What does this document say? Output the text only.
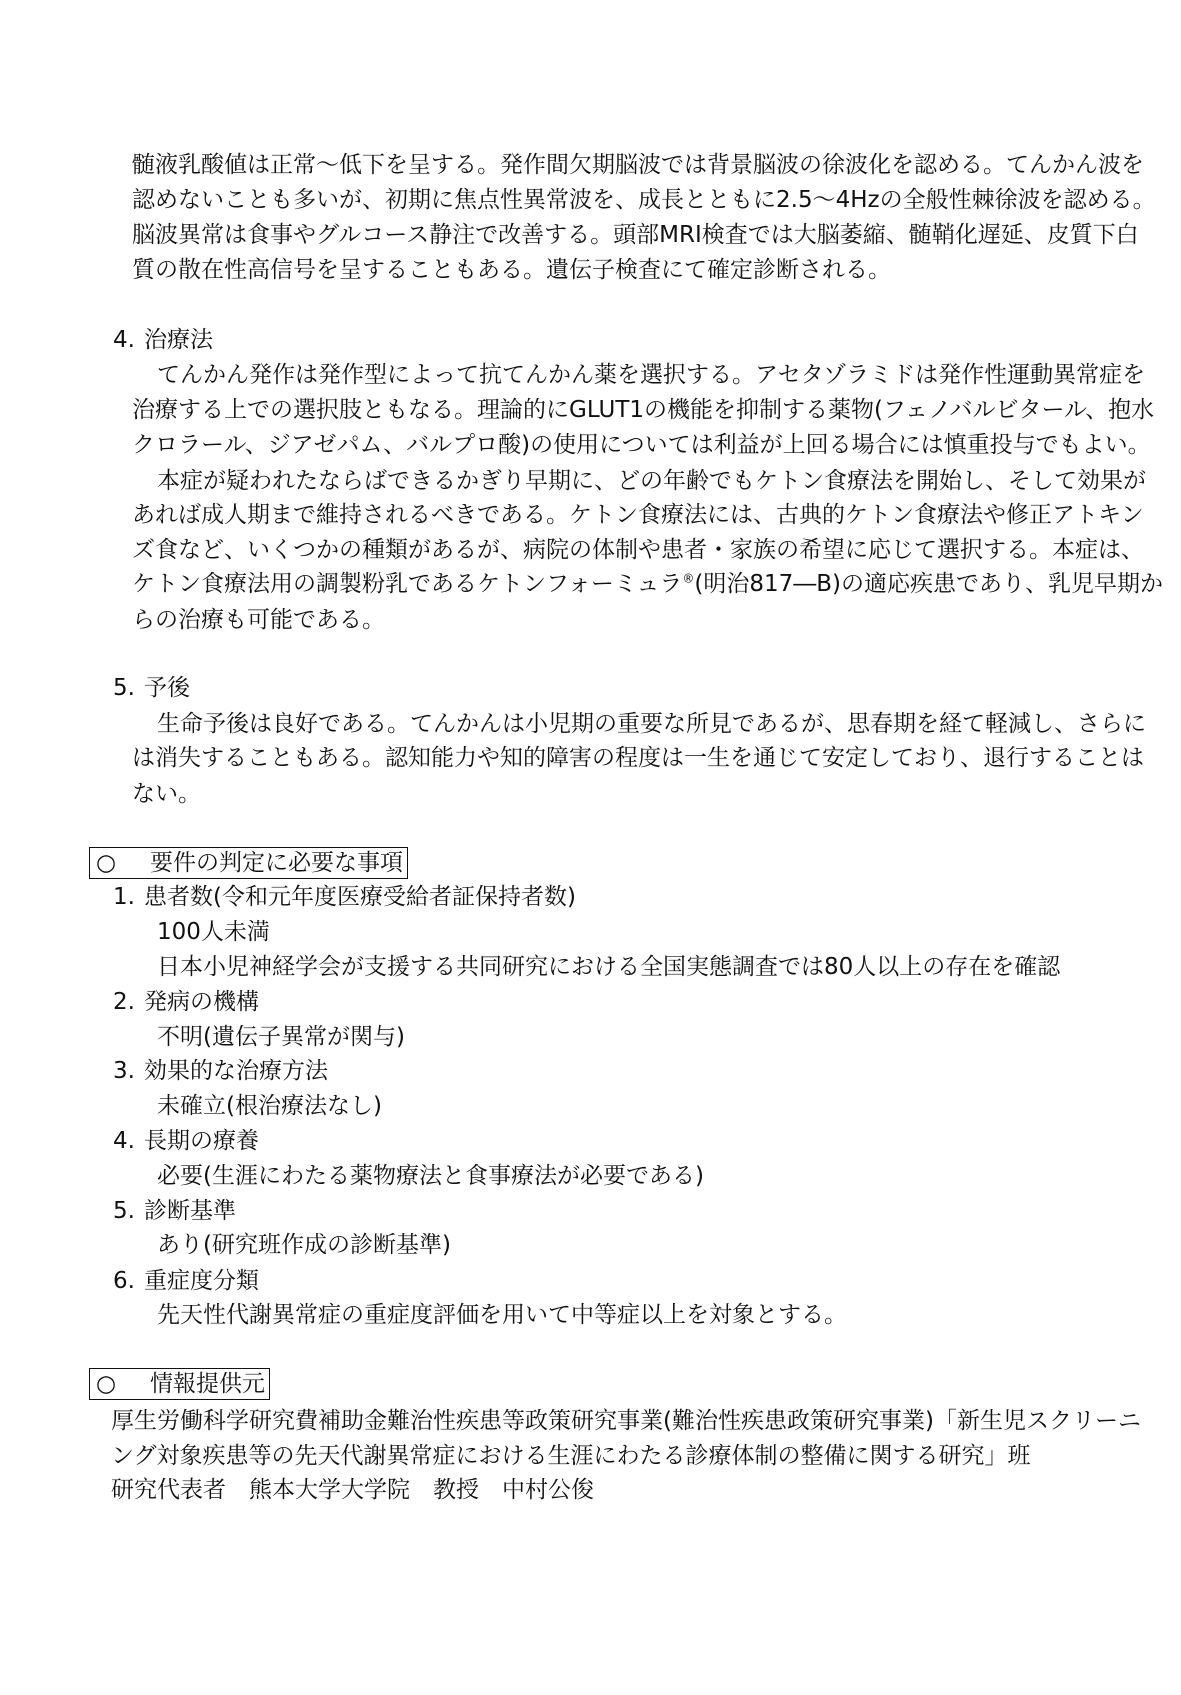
髄液乳酸値は正常～低下を呈する。発作間欠期脳波では背景脳波の徐波化を認める。てんかん波を
認めないことも多いが、初期に焦点性異常波を、成長とともに2.5～4Hzの全般性棘徐波を認める。
脳波異常は食事やグルコース静注で改善する。頭部MRI検査では大脳萎縮、髄鞘化遅延、皮質下白
質の散在性高信号を呈することもある。遺伝子検査にて確定診断される。
4. 治療法
てんかん発作は発作型によって抗てんかん薬を選択する。アセタゾラミドは発作性運動異常症を
治療する上での選択肢ともなる。理論的にGLUT1の機能を抑制する薬物(フェノバルビタール、抱水
クロラール、ジアゼパム、バルプロ酸)の使用については利益が上回る場合には慎重投与でもよい。
本症が疑われたならばできるかぎり早期に、どの年齢でもケトン食療法を開始し、そして効果が
あれば成人期まで維持されるべきである。ケトン食療法には、古典的ケトン食療法や修正アトキン
ズ食など、いくつかの種類があるが、病院の体制や患者・家族の希望に応じて選択する。本症は、
ケトン食療法用の調製粉乳であるケトンフォーミュラ®(明治817―B)の適応疾患であり、乳児早期か
らの治療も可能である。
5. 予後
生命予後は良好である。てんかんは小児期の重要な所見であるが、思春期を経て軽減し、さらに
は消失することもある。認知能力や知的障害の程度は一生を通じて安定しており、退行することは
ない。
○ 要件の判定に必要な事項
1. 患者数(令和元年度医療受給者証保持者数)
100人未満
日本小児神経学会が支援する共同研究における全国実態調査では80人以上の存在を確認
2. 発病の機構
不明(遺伝子異常が関与)
3. 効果的な治療方法
未確立(根治療法なし)
4. 長期の療養
必要(生涯にわたる薬物療法と食事療法が必要である)
5. 診断基準
あり(研究班作成の診断基準)
6. 重症度分類
先天性代謝異常症の重症度評価を用いて中等症以上を対象とする。
○ 情報提供元
厚生労働科学研究費補助金難治性疾患等政策研究事業(難治性疾患政策研究事業)「新生児スクリーニ
ング対象疾患等の先天代謝異常症における生涯にわたる診療体制の整備に関する研究」班
研究代表者　熊本大学大学院　教授　中村公俊
